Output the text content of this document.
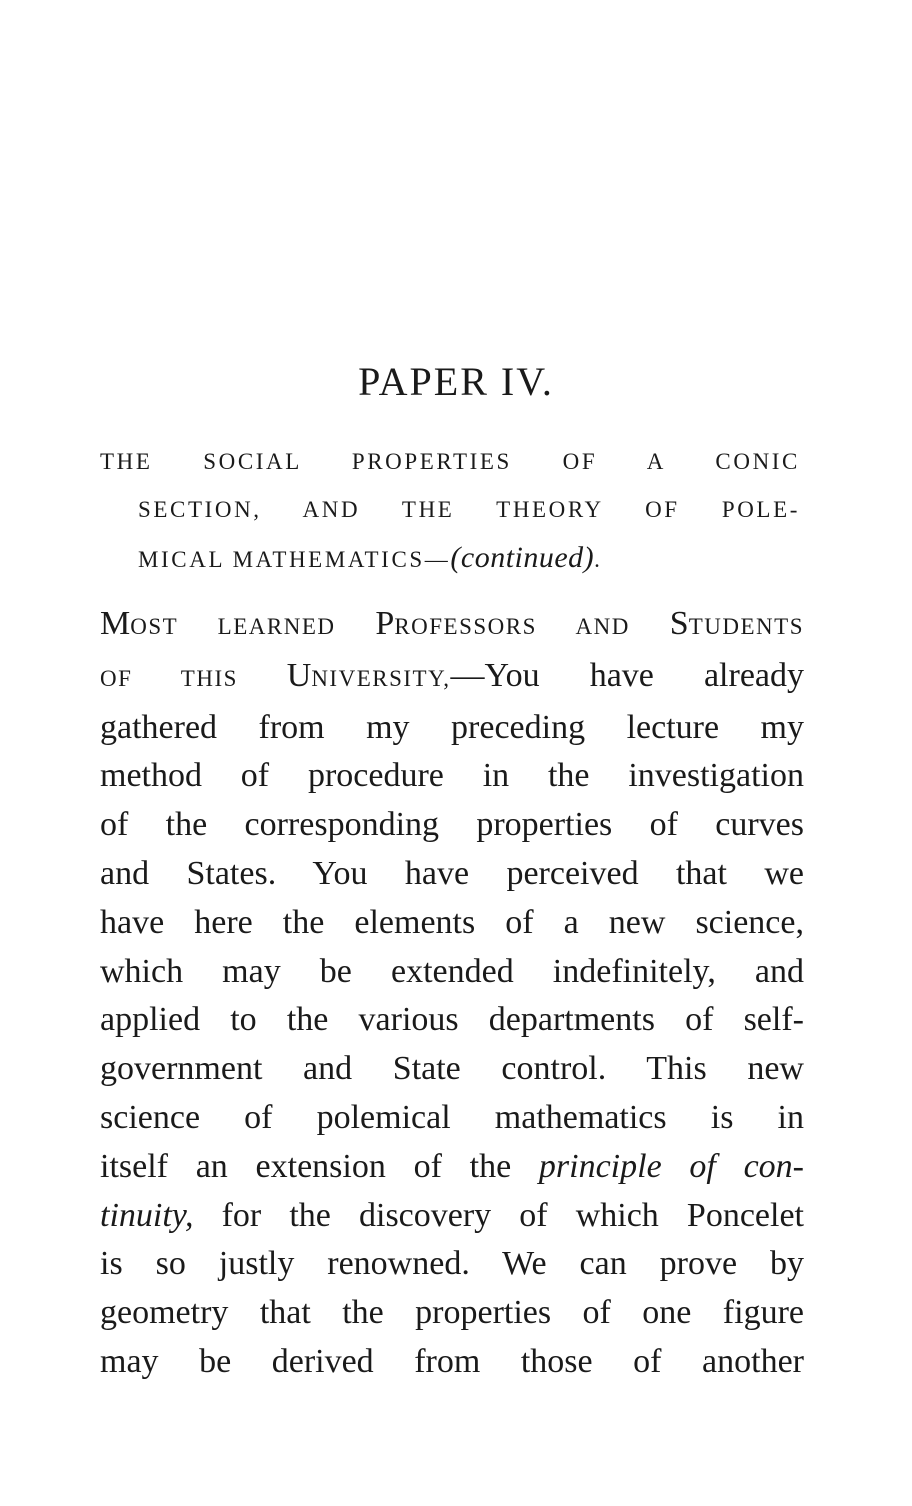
PAPER IV.
THE SOCIAL PROPERTIES OF A CONIC
SECTION, AND THE THEORY OF POLE-
MICAL MATHEMATICS—(continued).
MOST LEARNED PROFESSORS AND STUDENTS
OF THIS UNIVERSITY,—You have already
gathered from my preceding lecture my
method of procedure in the investigation
of the corresponding properties of curves
and States. You have perceived that we
have here the elements of a new science,
which may be extended indefinitely, and
applied to the various departments of self-
government and State control. This new
science of polemical mathematics is in
itself an extension of the principle of con-
tinuity, for the discovery of which Poncelet
is so justly renowned. We can prove by
geometry that the properties of one figure
may be derived from those of another
